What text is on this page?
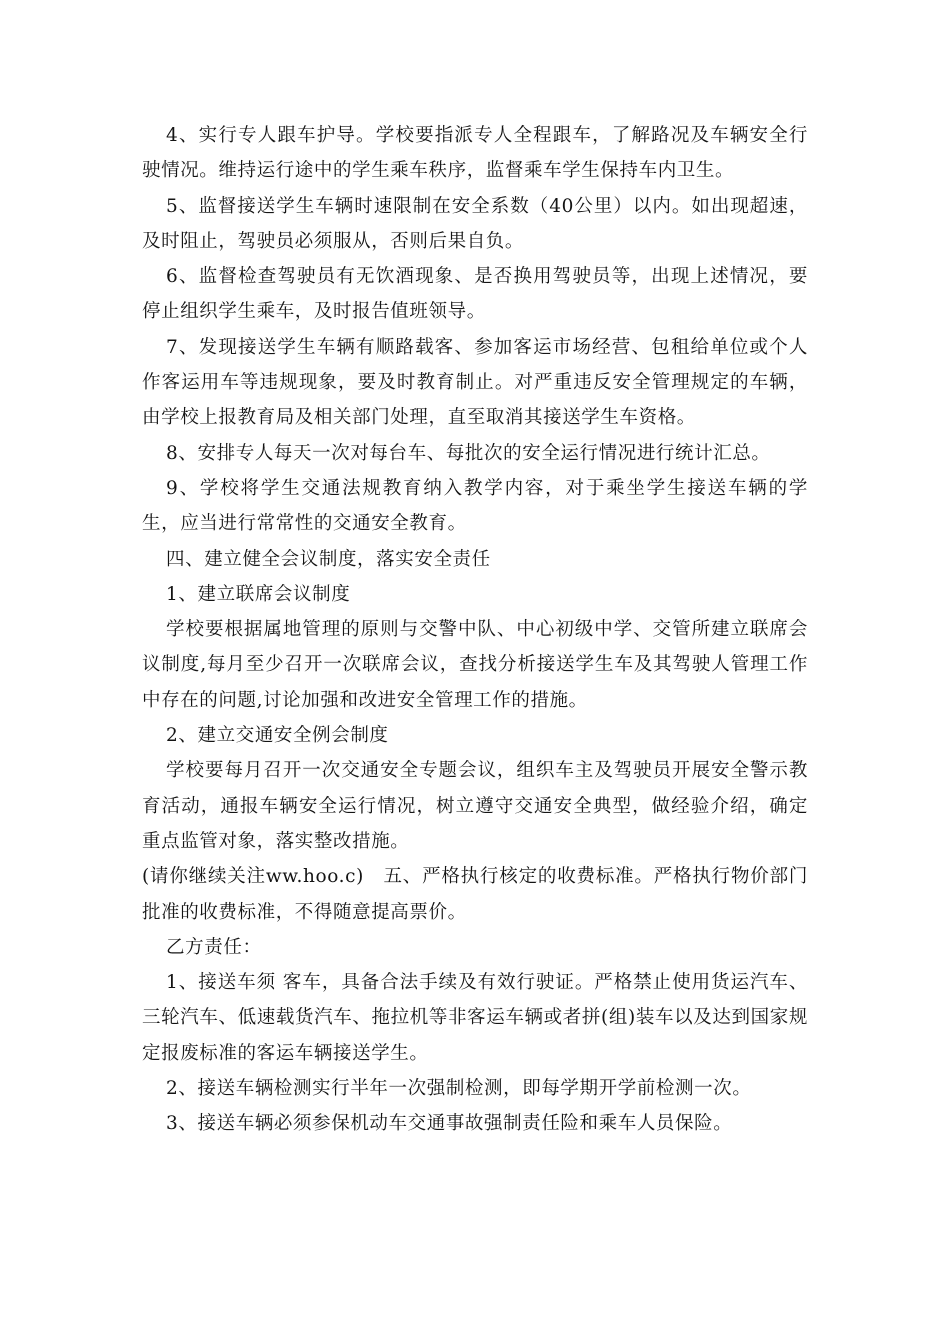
4、实行专人跟车护导。学校要指派专人全程跟车，了解路况及车辆安全行驶情况。维持运行途中的学生乘车秩序，监督乘车学生保持车内卫生。

5、监督接送学生车辆时速限制在安全系数（40公里）以内。如出现超速，及时阻止，驾驶员必须服从，否则后果自负。

6、监督检查驾驶员有无饮酒现象、是否换用驾驶员等，出现上述情况，要停止组织学生乘车，及时报告值班领导。

7、发现接送学生车辆有顺路载客、参加客运市场经营、包租给单位或个人作客运用车等违规现象，要及时教育制止。对严重违反安全管理规定的车辆，由学校上报教育局及相关部门处理，直至取消其接送学生车资格。

8、安排专人每天一次对每台车、每批次的安全运行情况进行统计汇总。

9、学校将学生交通法规教育纳入教学内容，对于乘坐学生接送车辆的学生，应当进行常常性的交通安全教育。

四、建立健全会议制度，落实安全责任

1、建立联席会议制度

学校要根据属地管理的原则与交警中队、中心初级中学、交管所建立联席会议制度,每月至少召开一次联席会议，查找分析接送学生车及其驾驶人管理工作中存在的问题,讨论加强和改进安全管理工作的措施。

2、建立交通安全例会制度

学校要每月召开一次交通安全专题会议，组织车主及驾驶员开展安全警示教育活动，通报车辆安全运行情况，树立遵守交通安全典型，做经验介绍，确定重点监管对象，落实整改措施。

(请你继续关注ww.hoo.c)　五、严格执行核定的收费标准。严格执行物价部门批准的收费标准，不得随意提高票价。

乙方责任：

1、接送车须 客车，具备合法手续及有效行驶证。严格禁止使用货运汽车、三轮汽车、低速载货汽车、拖拉机等非客运车辆或者拼(组)装车以及达到国家规定报废标准的客运车辆接送学生。

2、接送车辆检测实行半年一次强制检测，即每学期开学前检测一次。

3、接送车辆必须参保机动车交通事故强制责任险和乘车人员保险。
